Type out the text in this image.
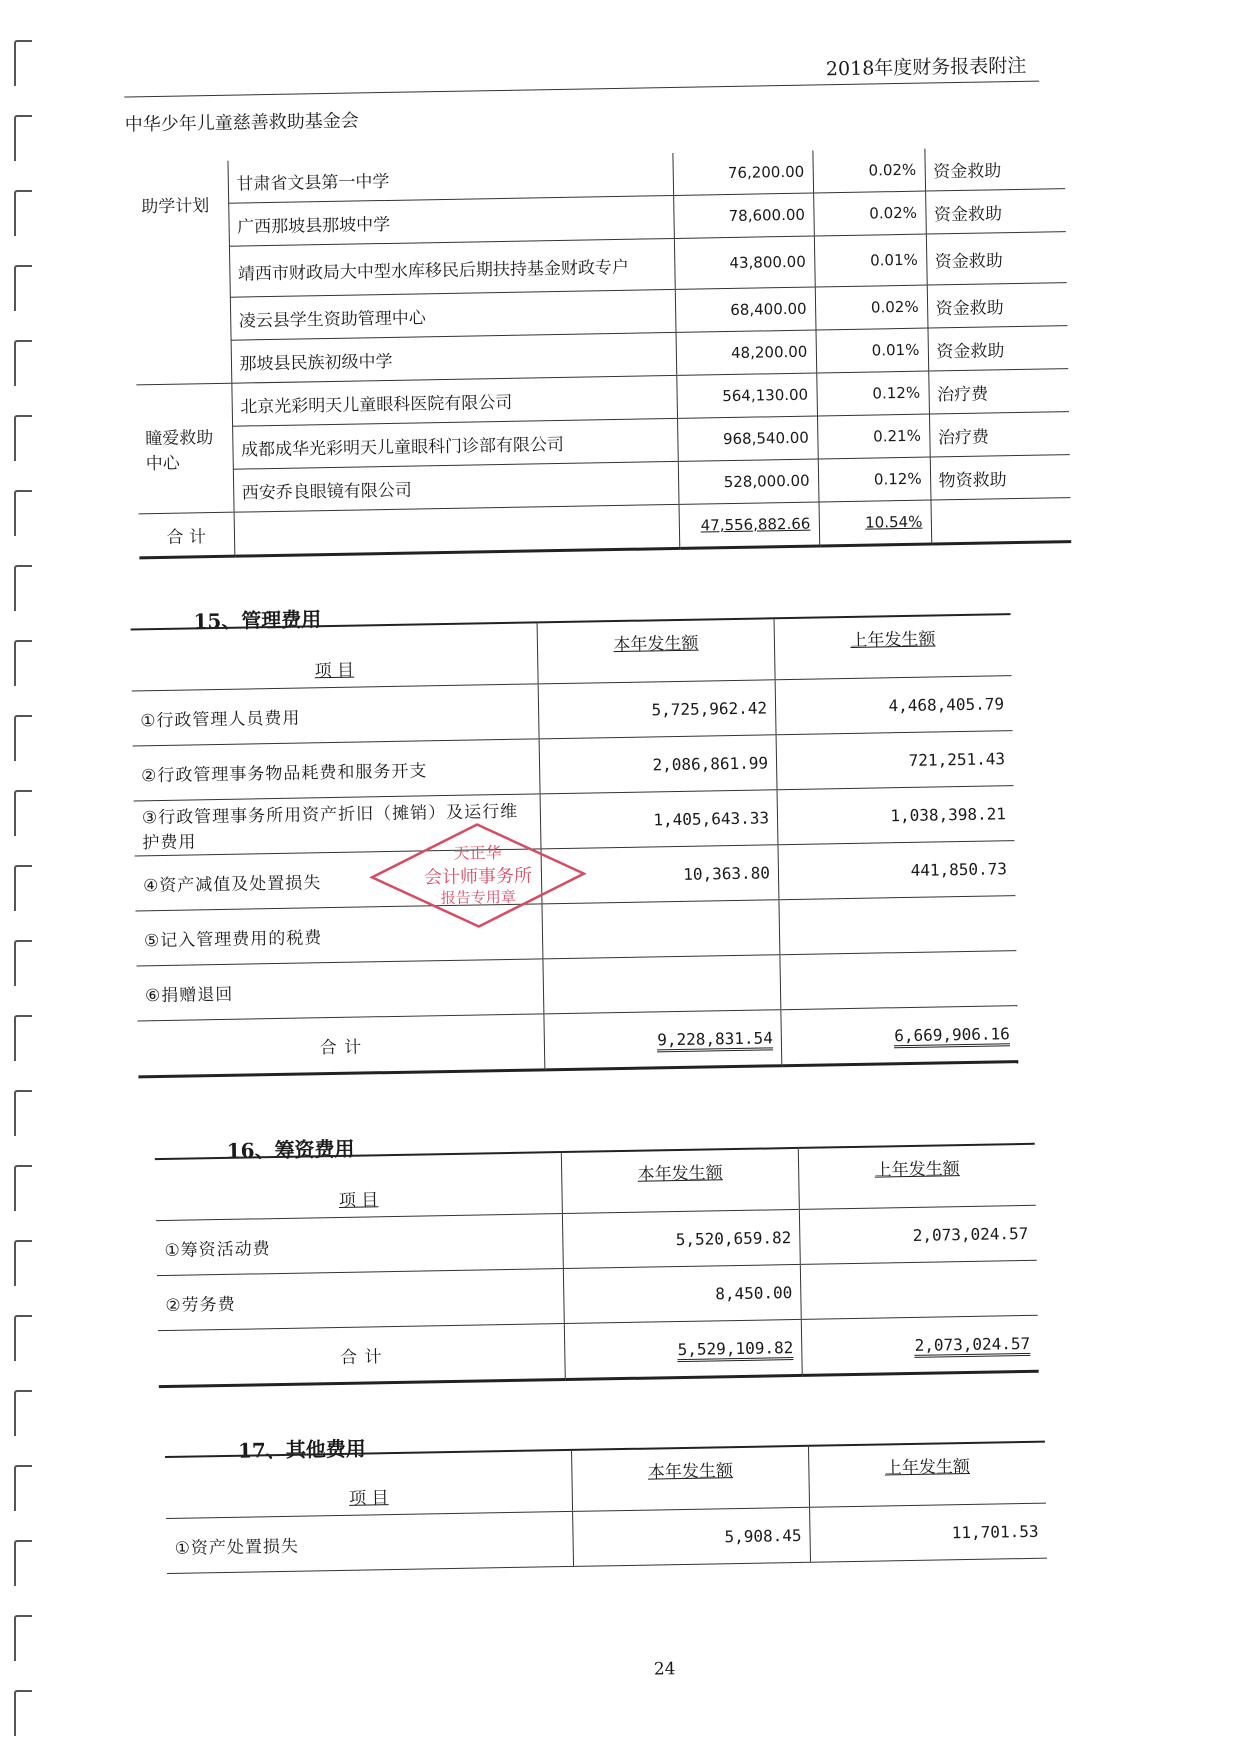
2018年度财务报表附注
中华少年儿童慈善救助基金会
助学计划	甘肃省文县第一中学	76,200.00	0.02%	资金救助
	广西那坡县那坡中学	78,600.00	0.02%	资金救助
	靖西市财政局大中型水库移民后期扶持基金财政专户	43,800.00	0.01%	资金救助
	凌云县学生资助管理中心	68,400.00	0.02%	资金救助
	那坡县民族初级中学	48,200.00	0.01%	资金救助
瞳爱救助中心	北京光彩明天儿童眼科医院有限公司	564,130.00	0.12%	治疗费
	成都成华光彩明天儿童眼科门诊部有限公司	968,540.00	0.21%	治疗费
	西安乔良眼镜有限公司	528,000.00	0.12%	物资救助
合 计		47,556,882.66	10.54%	
15、管理费用
项 目	本年发生额	上年发生额
①行政管理人员费用	5,725,962.42	4,468,405.79
②行政管理事务物品耗费和服务开支	2,086,861.99	721,251.43
③行政管理事务所用资产折旧（摊销）及运行维护费用	1,405,643.33	1,038,398.21
④资产减值及处置损失	10,363.80	441,850.73
⑤记入管理费用的税费		
⑥捐赠退回		
合 计	9,228,831.54	6,669,906.16
天正华
会计师事务所
报告专用章
16、筹资费用
项 目	本年发生额	上年发生额
①筹资活动费	5,520,659.82	2,073,024.57
②劳务费	8,450.00	
合 计	5,529,109.82	2,073,024.57
17、其他费用
项 目	本年发生额	上年发生额
①资产处置损失	5,908.45	11,701.53
24
